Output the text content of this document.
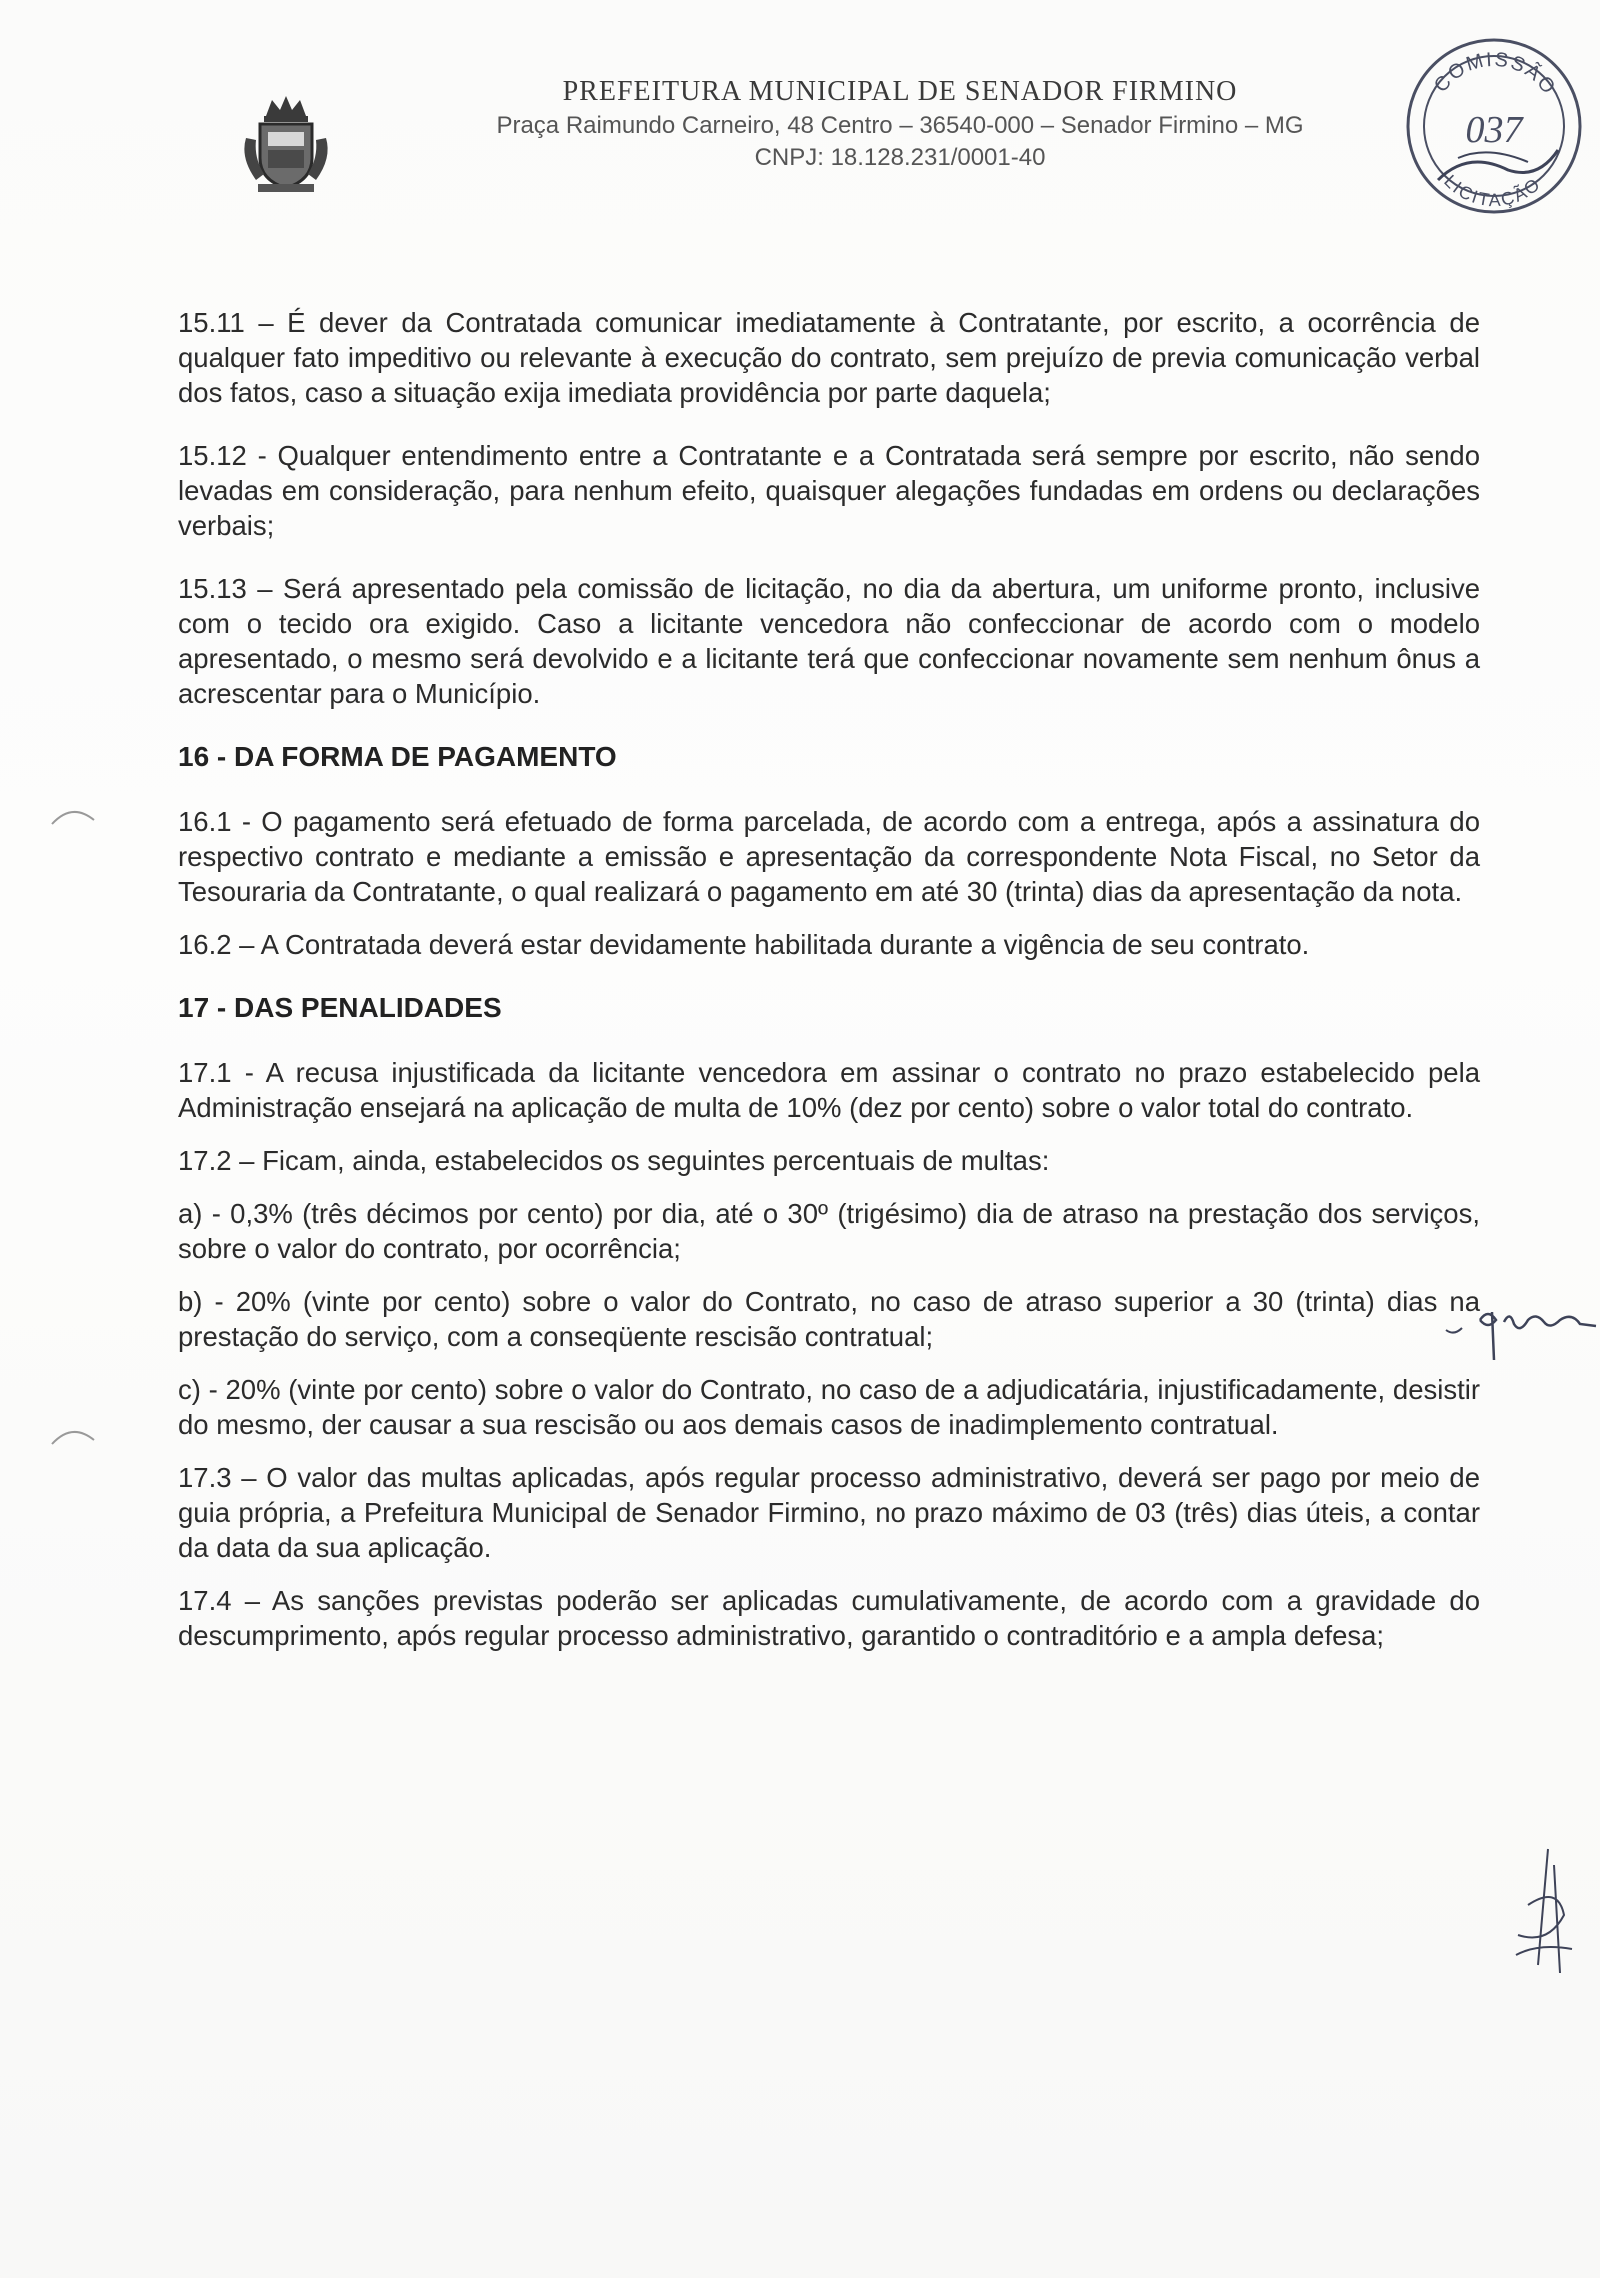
PREFEITURA MUNICIPAL DE SENADOR FIRMINO

Praça Raimundo Carneiro, 48 Centro – 36540-000 – Senador Firmino – MG

CNPJ: 18.128.231/0001-40

COMISSÃO
037
LICITAÇÃO

15.11 – É dever da Contratada comunicar imediatamente à Contratante, por escrito, a ocorrência de qualquer fato impeditivo ou relevante à execução do contrato, sem prejuízo de previa comunicação verbal dos fatos, caso a situação exija imediata providência por parte daquela;

15.12 - Qualquer entendimento entre a Contratante e a Contratada será sempre por escrito, não sendo levadas em consideração, para nenhum efeito, quaisquer alegações fundadas em ordens ou declarações verbais;

15.13 – Será apresentado pela comissão de licitação, no dia da abertura, um uniforme pronto, inclusive com o tecido ora exigido. Caso a licitante vencedora não confeccionar de acordo com o modelo apresentado, o mesmo será devolvido e a licitante terá que confeccionar novamente sem nenhum ônus a acrescentar para o Município.

16 - DA FORMA DE PAGAMENTO

16.1 - O pagamento será efetuado de forma parcelada, de acordo com a entrega, após a assinatura do respectivo contrato e mediante a emissão e apresentação da correspondente Nota Fiscal, no Setor da Tesouraria da Contratante, o qual realizará o pagamento em até 30 (trinta) dias da apresentação da nota.

16.2 – A Contratada deverá estar devidamente habilitada durante a vigência de seu contrato.

17 - DAS PENALIDADES

17.1 - A recusa injustificada da licitante vencedora em assinar o contrato no prazo estabelecido pela Administração ensejará na aplicação de multa de 10% (dez por cento) sobre o valor total do contrato.

17.2 – Ficam, ainda, estabelecidos os seguintes percentuais de multas:

a) - 0,3% (três décimos por cento) por dia, até o 30º (trigésimo) dia de atraso na prestação dos serviços, sobre o valor do contrato, por ocorrência;

b) - 20% (vinte por cento) sobre o valor do Contrato, no caso de atraso superior a 30 (trinta) dias na prestação do serviço, com a conseqüente rescisão contratual;

c) - 20% (vinte por cento) sobre o valor do Contrato, no caso de a adjudicatária, injustificadamente, desistir do mesmo, der causar a sua rescisão ou aos demais casos de inadimplemento contratual.

17.3 – O valor das multas aplicadas, após regular processo administrativo, deverá ser pago por meio de guia própria, a Prefeitura Municipal de Senador Firmino, no prazo máximo de 03 (três) dias úteis, a contar da data da sua aplicação.

17.4 – As sanções previstas poderão ser aplicadas cumulativamente, de acordo com a gravidade do descumprimento, após regular processo administrativo, garantido o contraditório e a ampla defesa;
